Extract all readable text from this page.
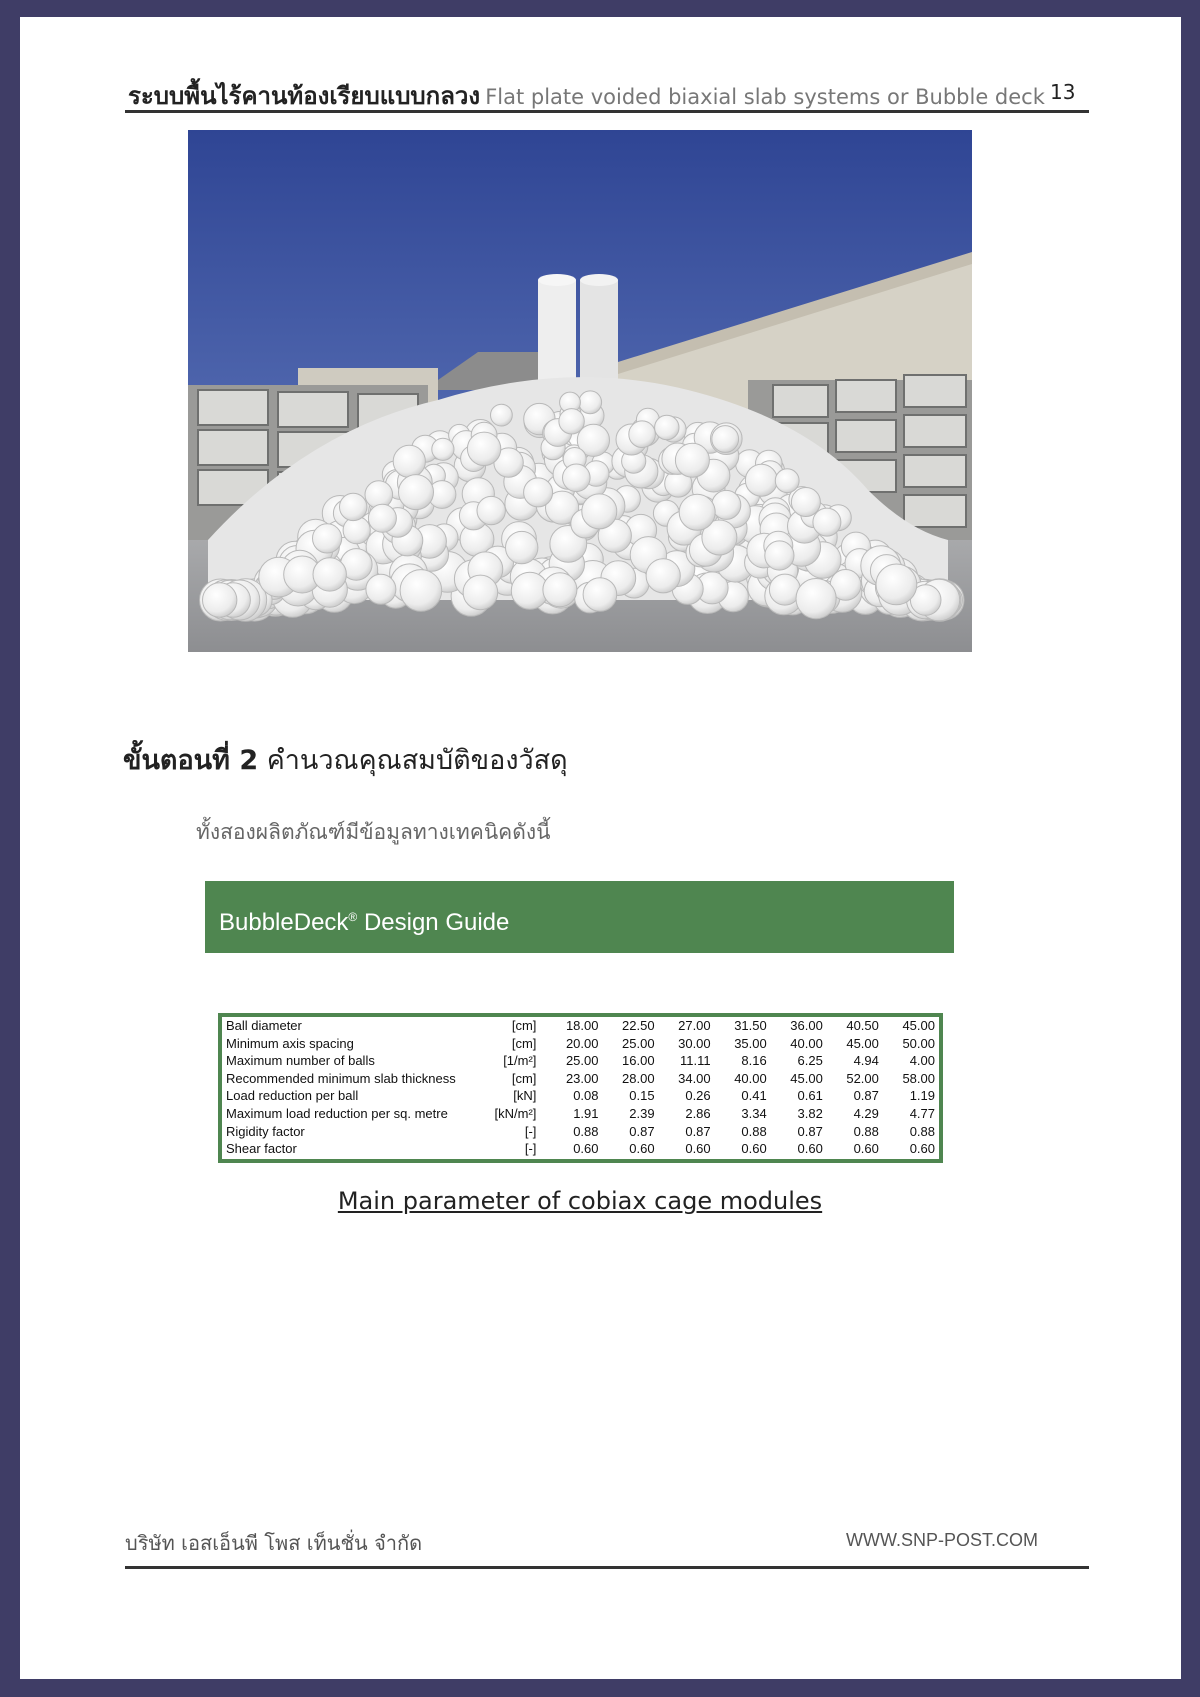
ระบบพื้นไร้คานท้องเรียบแบบกลวง Flat plate voided biaxial slab systems or Bubble deck 13
ขั้นตอนที่ 2 คำนวณคุณสมบัติของวัสดุ
ทั้งสองผลิตภัณฑ์มีข้อมูลทางเทคนิคดังนี้
BubbleDeck® Design Guide
Ball diameter	[cm]	18.00	22.50	27.00	31.50	36.00	40.50	45.00
Minimum axis spacing	[cm]	20.00	25.00	30.00	35.00	40.00	45.00	50.00
Maximum number of balls	[1/m²]	25.00	16.00	11.11	8.16	6.25	4.94	4.00
Recommended minimum slab thickness	[cm]	23.00	28.00	34.00	40.00	45.00	52.00	58.00
Load reduction per ball	[kN]	0.08	0.15	0.26	0.41	0.61	0.87	1.19
Maximum load reduction per sq. metre	[kN/m²]	1.91	2.39	2.86	3.34	3.82	4.29	4.77
Rigidity factor	[-]	0.88	0.87	0.87	0.88	0.87	0.88	0.88
Shear factor	[-]	0.60	0.60	0.60	0.60	0.60	0.60	0.60
Main parameter of cobiax cage modules
บริษัท เอสเอ็นพี โพส เท็นชั่น จำกัด	WWW.SNP-POST.COM
